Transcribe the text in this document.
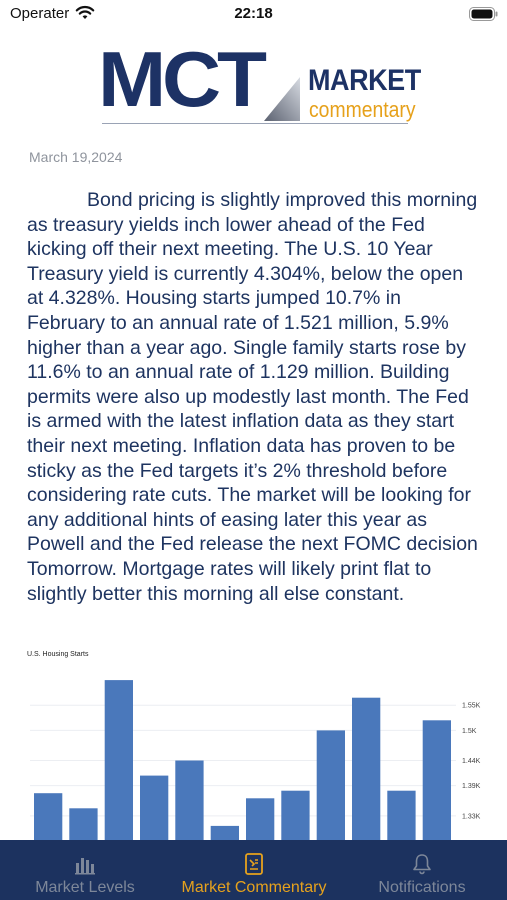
Operater	22:18
MCT MARKET
commentary
March 19,2024

Bond pricing is slightly improved this morning as treasury yields inch lower ahead of the Fed kicking off their next meeting. The U.S. 10 Year Treasury yield is currently 4.304%, below the open at 4.328%. Housing starts jumped 10.7% in February to an annual rate of 1.521 million, 5.9% higher than a year ago. Single family starts rose by 11.6% to an annual rate of 1.129 million. Building permits were also up modestly last month. The Fed is armed with the latest inflation data as they start their next meeting. Inflation data has proven to be sticky as the Fed targets it’s 2% threshold before considering rate cuts. The market will be looking for any additional hints of easing later this year as Powell and the Fed release the next FOMC decision Tomorrow. Mortgage rates will likely print flat to slightly better this morning all else constant.

U.S. Housing Starts
1.55K
1.5K
1.44K
1.39K
1.33K
Market Levels	Market Commentary	Notifications
